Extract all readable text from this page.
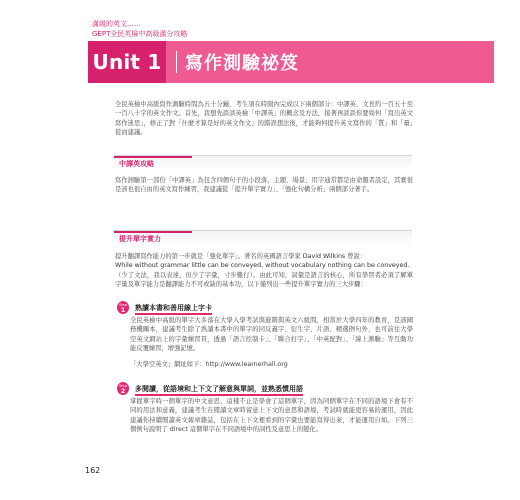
滿級的英文……
GEPT全民英檢中高級滿分攻略
Unit 1 寫作測驗祕笈

全民英檢中高級寫作測驗時間為五十分鐘，考生須在時限內完成以下兩個部分：中譯英、文長約一百五十至一百八十字的英文作文。首先，我想先談談英檢「中譯英」的概念及方法，接著再談談你要如何「寫出英文寫作迷思」，修正了對「什麼才算是好的英文作文」的錯誤想法後，才能夠何提升英文寫作的「質」和「量」從而建議。

中譯英攻略

寫作測驗第一部份「中譯英」為包含四個句子的小段落，主題、場景、用字通常都是由命題者設定，其實很是該也很自由的英文寫作練習，我建議從「提升單字實力」、「強化句構分析」兩個部分著手。

提升單字實力

提升翻譯寫作能力的第一步就是「強化單字」。著名的英國語言學家 David Wilkins 曾說：
While without grammar little can be conveyed, without vocabulary nothing can be conveyed.
（少了文法，我以表達，但少了字彙，寸步難行）。由此可知，詞彙是語言的核心，所有學習者必須了解單字量及單字能力是翻譯能力不可或缺的基本功，以下僅列出一些提升單字實力的三大步驟：

Step
1	熟讀本書和善用線上字卡

全民英檢中高級的單字大多落在大學入學考試與進階與英文六級間，相當於大學四年的教育，是該國務機關本，建議考生除了熟讀本書中的單字的同反義字、衍生字、片語、精選例句外，也可前往大學空英文網站上的字彙練習頁，透過「語言控制卡」、「聯合打字」、「中英配對」、「線上測驗」等互動功能反覆練習，增強記憶。

「大學空英文」網址如下：http://www.learnerhall.org

Step
2	多閱讀，從語境和上下文了解意與單詞，並熟悉慣用語

掌握單字時一個單字的中文意思，這樣不止是學會了這個單字，因為同個單字在不同的語境下會有不同的用法和意義，建議考生在閱讀文章時留意上下文的意思和語境，考試時就能更容易的運用，因此建議你持續閱讀英文報章雜誌，包括在上下文裡看到的字彙也要能寫得出來，才能運用自如。下列三個例句說明了 direct 這個單字在不同語境中的詞性及意思上的變化。

162
